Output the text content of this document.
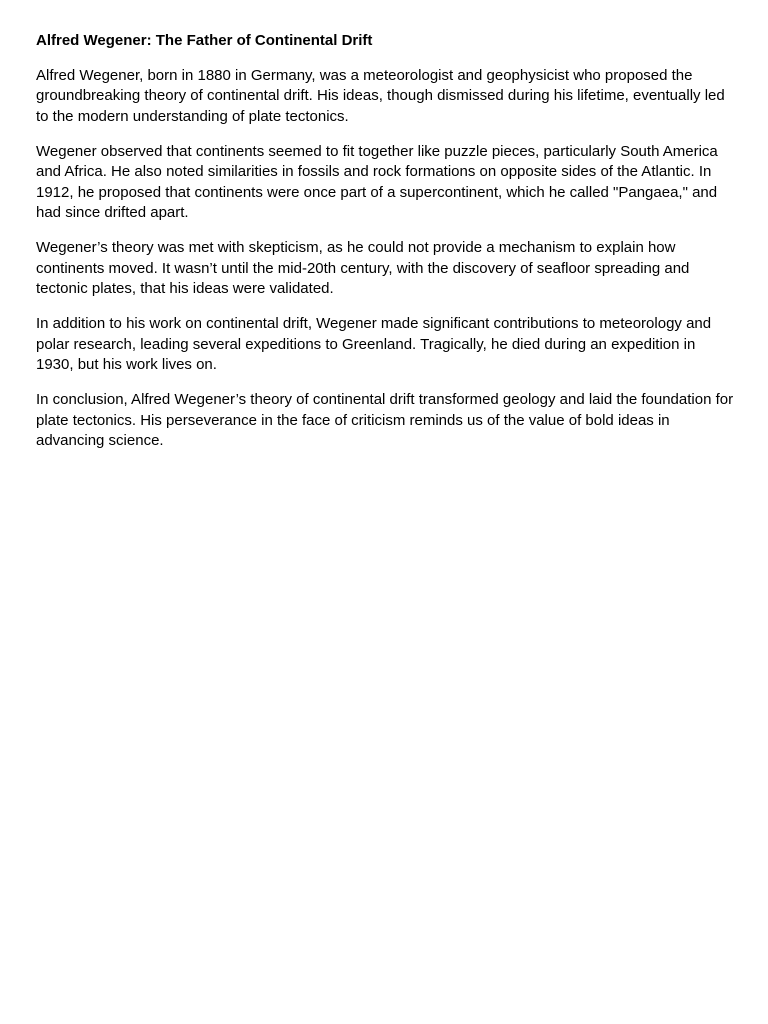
Alfred Wegener: The Father of Continental Drift

Alfred Wegener, born in 1880 in Germany, was a meteorologist and geophysicist who proposed the groundbreaking theory of continental drift. His ideas, though dismissed during his lifetime, eventually led to the modern understanding of plate tectonics.

Wegener observed that continents seemed to fit together like puzzle pieces, particularly South America and Africa. He also noted similarities in fossils and rock formations on opposite sides of the Atlantic. In 1912, he proposed that continents were once part of a supercontinent, which he called "Pangaea," and had since drifted apart.

Wegener’s theory was met with skepticism, as he could not provide a mechanism to explain how continents moved. It wasn’t until the mid-20th century, with the discovery of seafloor spreading and tectonic plates, that his ideas were validated.

In addition to his work on continental drift, Wegener made significant contributions to meteorology and polar research, leading several expeditions to Greenland. Tragically, he died during an expedition in 1930, but his work lives on.

In conclusion, Alfred Wegener’s theory of continental drift transformed geology and laid the foundation for plate tectonics. His perseverance in the face of criticism reminds us of the value of bold ideas in advancing science.
